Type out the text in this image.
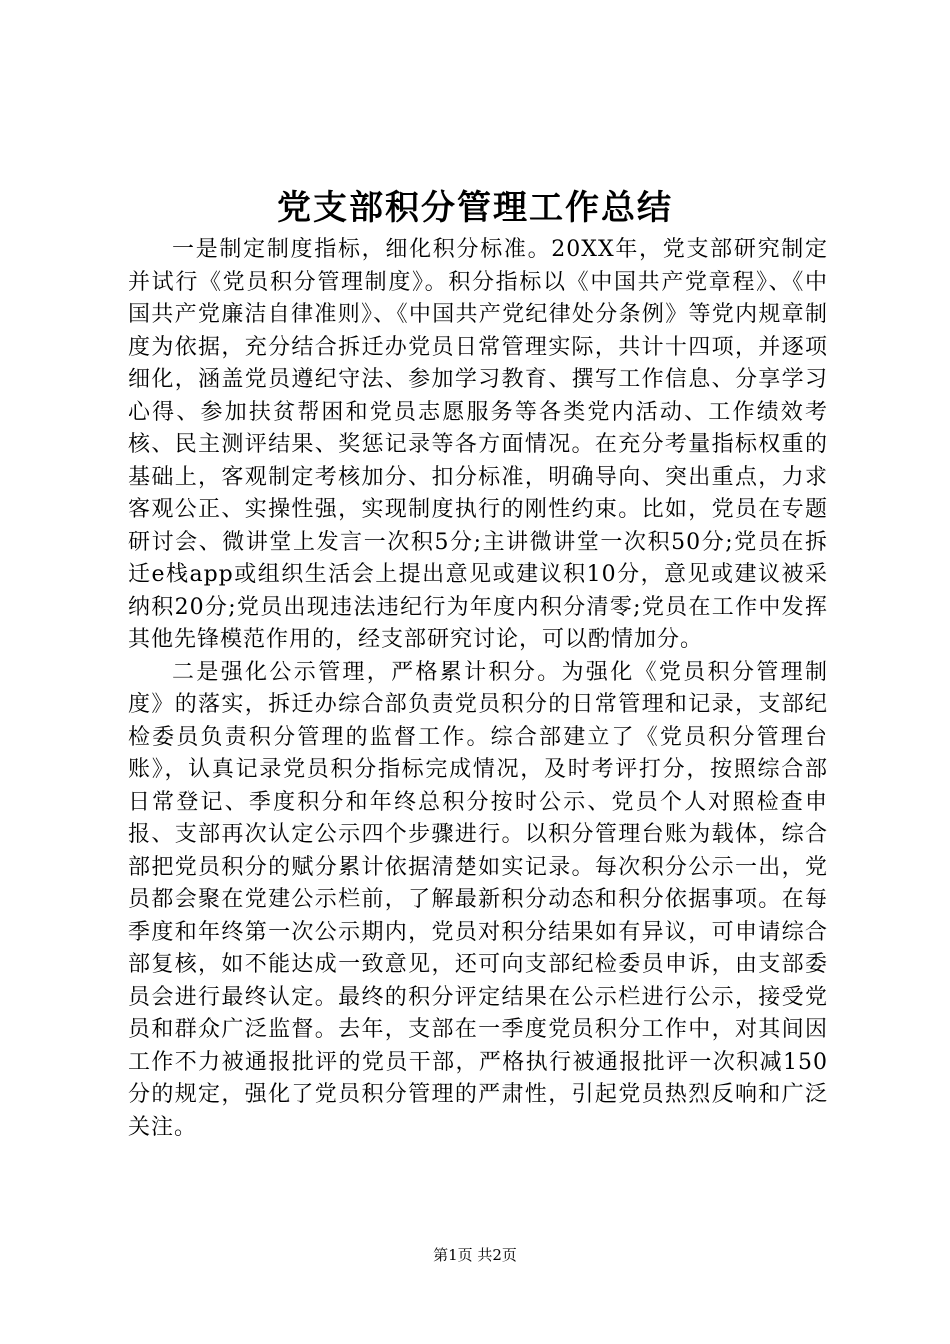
党支部积分管理工作总结

一是制定制度指标，细化积分标准。20XX年，党支部研究制定并试行《党员积分管理制度》。积分指标以《中国共产党章程》、《中国共产党廉洁自律准则》、《中国共产党纪律处分条例》等党内规章制度为依据，充分结合拆迁办党员日常管理实际，共计十四项，并逐项细化，涵盖党员遵纪守法、参加学习教育、撰写工作信息、分享学习心得、参加扶贫帮困和党员志愿服务等各类党内活动、工作绩效考核、民主测评结果、奖惩记录等各方面情况。在充分考量指标权重的基础上，客观制定考核加分、扣分标准，明确导向、突出重点，力求客观公正、实操性强，实现制度执行的刚性约束。比如，党员在专题研讨会、微讲堂上发言一次积5分;主讲微讲堂一次积50分;党员在拆迁e栈app或组织生活会上提出意见或建议积10分，意见或建议被采纳积20分;党员出现违法违纪行为年度内积分清零;党员在工作中发挥其他先锋模范作用的，经支部研究讨论，可以酌情加分。

二是强化公示管理，严格累计积分。为强化《党员积分管理制度》的落实，拆迁办综合部负责党员积分的日常管理和记录，支部纪检委员负责积分管理的监督工作。综合部建立了《党员积分管理台账》，认真记录党员积分指标完成情况，及时考评打分，按照综合部日常登记、季度积分和年终总积分按时公示、党员个人对照检查申报、支部再次认定公示四个步骤进行。以积分管理台账为载体，综合部把党员积分的赋分累计依据清楚如实记录。每次积分公示一出，党员都会聚在党建公示栏前，了解最新积分动态和积分依据事项。在每季度和年终第一次公示期内，党员对积分结果如有异议，可申请综合部复核，如不能达成一致意见，还可向支部纪检委员申诉，由支部委员会进行最终认定。最终的积分评定结果在公示栏进行公示，接受党员和群众广泛监督。去年，支部在一季度党员积分工作中，对其间因工作不力被通报批评的党员干部，严格执行被通报批评一次积减150分的规定，强化了党员积分管理的严肃性，引起党员热烈反响和广泛关注。

第1页 共2页
